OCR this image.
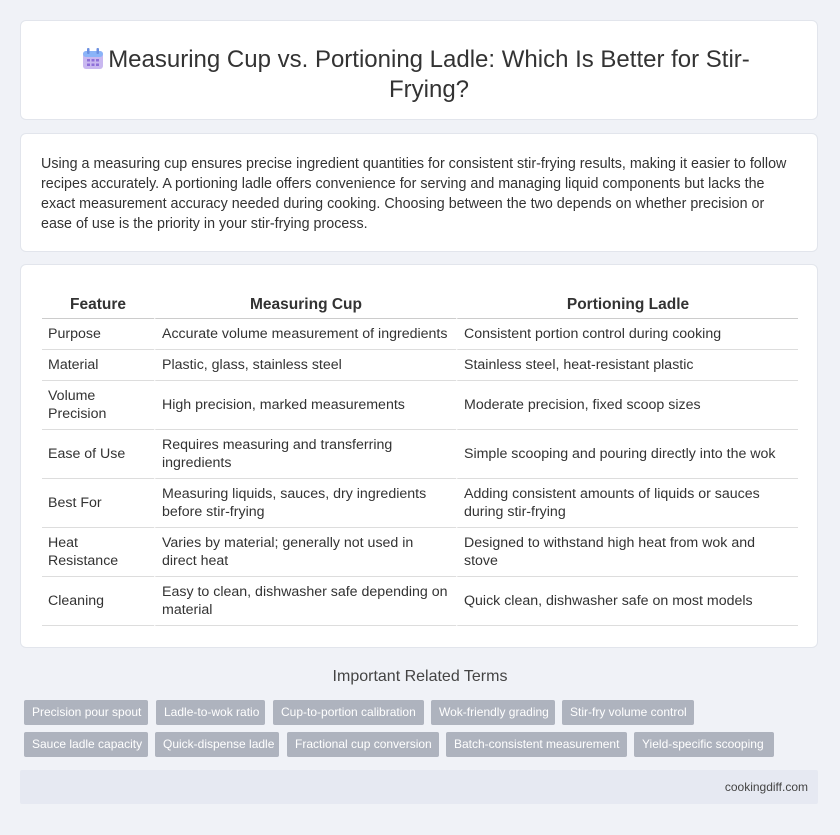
Measuring Cup vs. Portioning Ladle: Which Is Better for Stir-Frying?
Using a measuring cup ensures precise ingredient quantities for consistent stir-frying results, making it easier to follow recipes accurately. A portioning ladle offers convenience for serving and managing liquid components but lacks the exact measurement accuracy needed during cooking. Choosing between the two depends on whether precision or ease of use is the priority in your stir-frying process.
Feature	Measuring Cup	Portioning Ladle
Purpose	Accurate volume measurement of ingredients	Consistent portion control during cooking
Material	Plastic, glass, stainless steel	Stainless steel, heat-resistant plastic
Volume Precision	High precision, marked measurements	Moderate precision, fixed scoop sizes
Ease of Use	Requires measuring and transferring ingredients	Simple scooping and pouring directly into the wok
Best For	Measuring liquids, sauces, dry ingredients before stir-frying	Adding consistent amounts of liquids or sauces during stir-frying
Heat Resistance	Varies by material; generally not used in direct heat	Designed to withstand high heat from wok and stove
Cleaning	Easy to clean, dishwasher safe depending on material	Quick clean, dishwasher safe on most models
Important Related Terms
Precision pour spout	Ladle-to-wok ratio	Cup-to-portion calibration	Wok-friendly grading	Stir-fry volume control
Sauce ladle capacity	Quick-dispense ladle	Fractional cup conversion	Batch-consistent measurement	Yield-specific scooping
cookingdiff.com
